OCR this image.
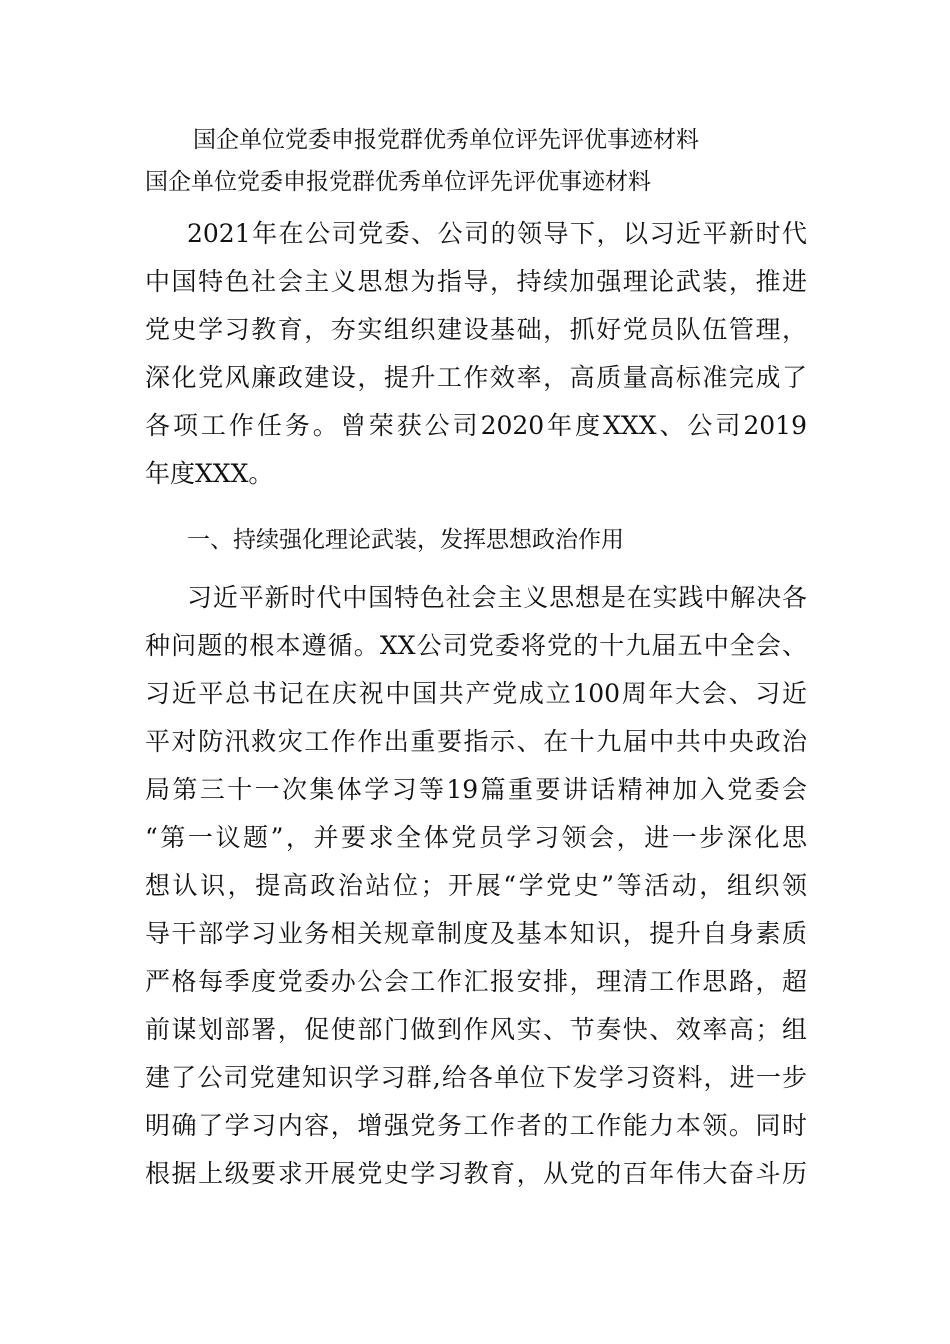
国企单位党委申报党群优秀单位评先评优事迹材料
国企单位党委申报党群优秀单位评先评优事迹材料
2021年在公司党委、公司的领导下，以习近平新时代
中国特色社会主义思想为指导，持续加强理论武装，推进
党史学习教育，夯实组织建设基础，抓好党员队伍管理，
深化党风廉政建设，提升工作效率，高质量高标准完成了
各项工作任务。曾荣获公司2020年度XXX、公司2019
年度XXX。
一、持续强化理论武装，发挥思想政治作用
习近平新时代中国特色社会主义思想是在实践中解决各
种问题的根本遵循。XX公司党委将党的十九届五中全会、
习近平总书记在庆祝中国共产党成立100周年大会、习近
平对防汛救灾工作作出重要指示、在十九届中共中央政治
局第三十一次集体学习等19篇重要讲话精神加入党委会
“第一议题”，并要求全体党员学习领会，进一步深化思
想认识，提高政治站位；开展“学党史”等活动，组织领
导干部学习业务相关规章制度及基本知识，提升自身素质
严格每季度党委办公会工作汇报安排，理清工作思路，超
前谋划部署，促使部门做到作风实、节奏快、效率高；组
建了公司党建知识学习群,给各单位下发学习资料，进一步
明确了学习内容，增强党务工作者的工作能力本领。同时
根据上级要求开展党史学习教育，从党的百年伟大奋斗历
